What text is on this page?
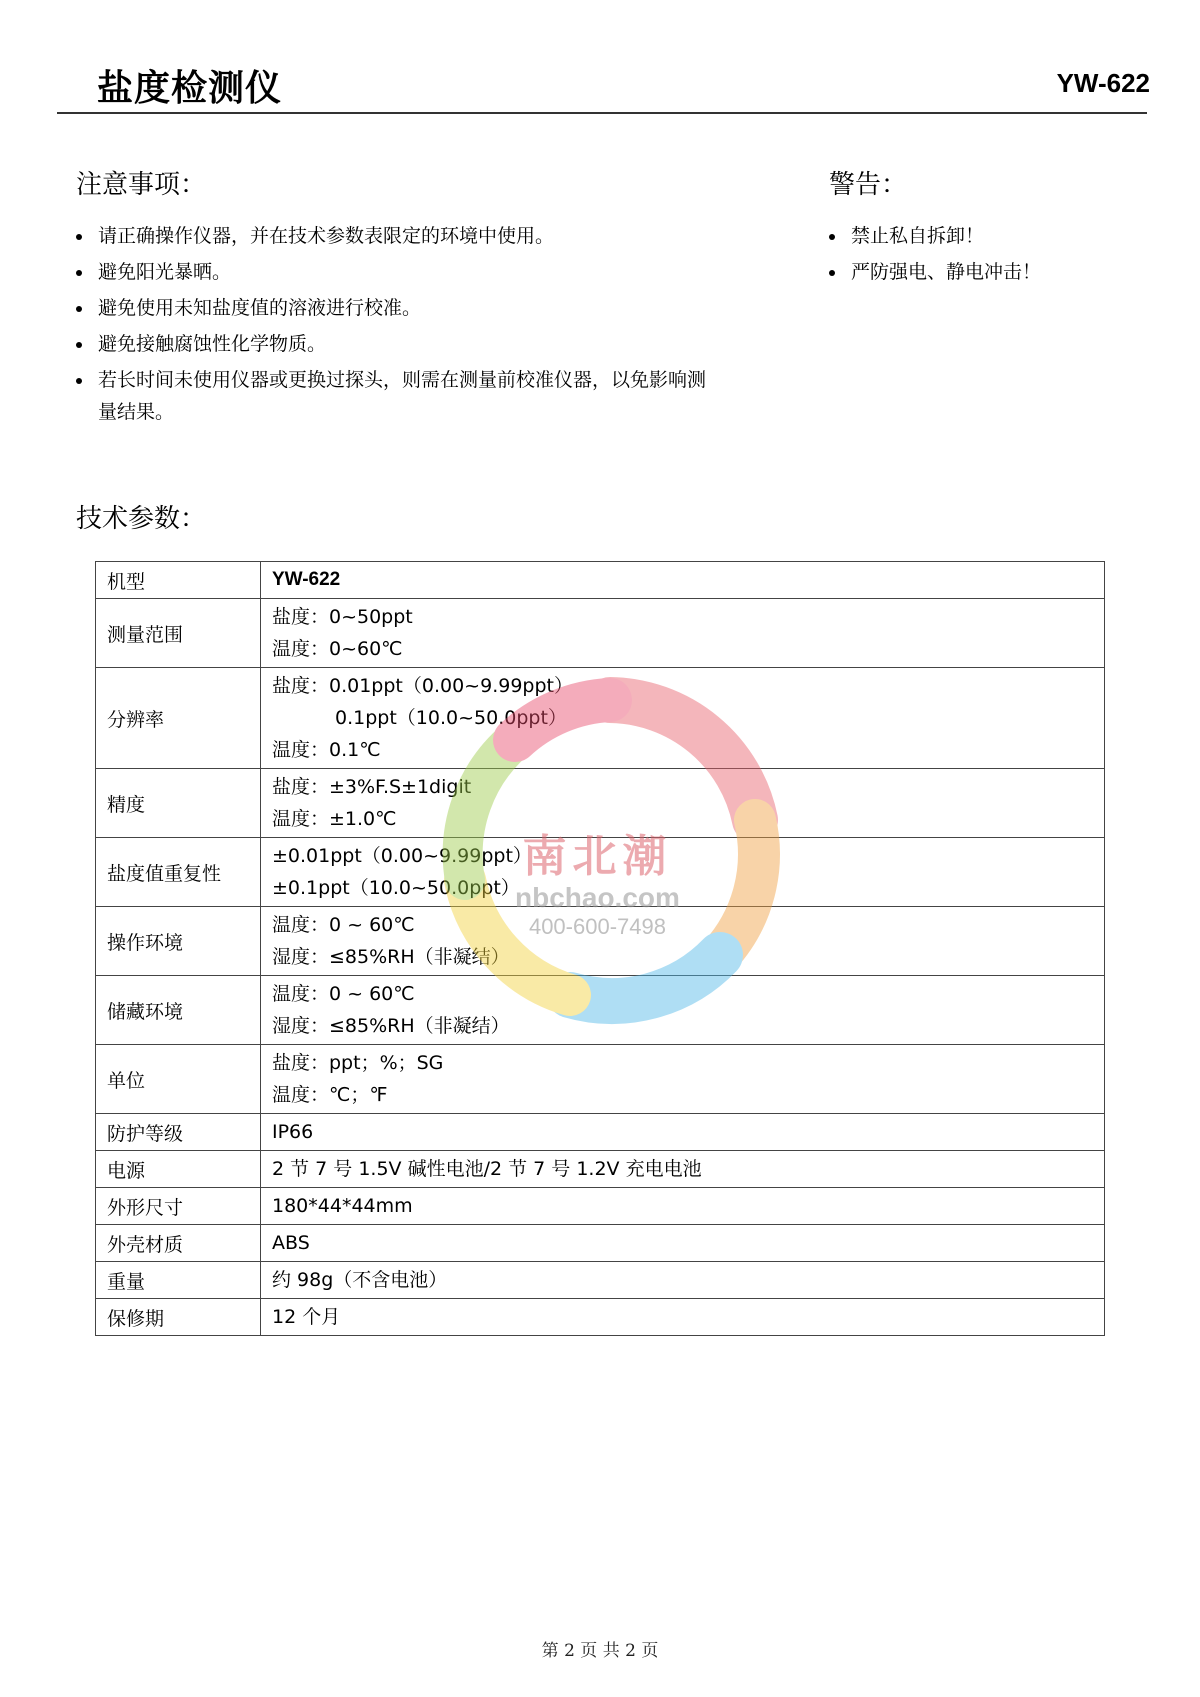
盐度检测仪	YW-622
注意事项：
请正确操作仪器，并在技术参数表限定的环境中使用。
避免阳光暴晒。
避免使用未知盐度值的溶液进行校准。
避免接触腐蚀性化学物质。
若长时间未使用仪器或更换过探头，则需在测量前校准仪器，以免影响测量结果。
警告：
禁止私自拆卸！
严防强电、静电冲击！
技术参数：
机型	YW-622

测量范围	盐度：0~50ppt
温度：0~60℃

分辨率	盐度：0.01ppt（0.00~9.99ppt）
0.1ppt（10.0~50.0ppt）
温度：0.1℃

精度	盐度：±3%F.S±1digit
温度：±1.0℃

盐度值重复性	±0.01ppt（0.00~9.99ppt）
±0.1ppt（10.0~50.0ppt）

操作环境	温度：0 ~ 60℃
湿度：≤85%RH（非凝结）

储藏环境	温度：0 ~ 60℃
湿度：≤85%RH（非凝结）

单位	盐度：ppt；%；SG
温度：℃；℉

防护等级	IP66

电源	2 节 7 号 1.5V 碱性电池/2 节 7 号 1.2V 充电电池

外形尺寸	180*44*44mm

外壳材质	ABS

重量	约 98g（不含电池）

保修期	12 个月
南北潮
nbchao.com
400-600-7498
第 2 页 共 2 页
